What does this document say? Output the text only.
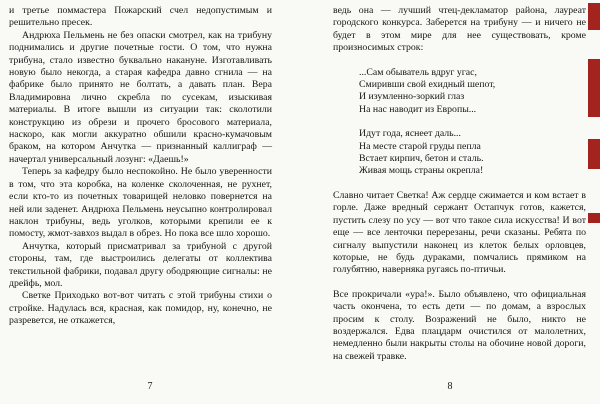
и третье поммастера Пожарский счел недопустимым и решительно пресек.

Андрюха Пельмень не без опаски смотрел, как на трибуну поднимались и другие почетные гости. О том, что нужна трибуна, стало известно буквально накануне. Изготавливать новую было некогда, а старая кафедра давно сгнила — на фабрике было принято не болтать, а давать план. Вера Владимировна лично скребла по сусекам, изыскивая материалы. В итоге вышли из ситуации так: сколотили конструкцию из обрези и прочего бросового материала, наскоро, как могли аккуратно обшили красно-кумачовым браком, на котором Анчутка — признанный каллиграф — начертал универсальный лозунг: «Даешь!»

Теперь за кафедру было неспокойно. Не было уверенности в том, что эта коробка, на коленке сколоченная, не рухнет, если кто-то из почетных товарищей неловко повернется на ней или заденет. Андрюха Пельмень неусыпно контролировал наклон трибуны, ведь уголков, которыми крепили ее к помосту, жмот-завхоз выдал в обрез. Но пока все шло хорошо.

Анчутка, который присматривал за трибуной с другой стороны, там, где выстроились делегаты от коллектива текстильной фабрики, подавал другу ободряющие сигналы: не дрейфь, мол.

Светке Приходько вот-вот читать с этой трибуны стихи о стройке. Надулась вся, красная, как помидор, ну, конечно, не разревется, не откажется,

7

ведь она — лучший чтец-декламатор района, лауреат городского конкурса. Заберется на трибуну — и ничего не будет в этом мире для нее существовать, кроме произносимых строк:

...Сам обыватель вдруг угас,
Смиривши свой ехидный шепот,
И изумленно-зоркий глаз
На нас наводит из Европы...
Идут года, яснеет даль...
На месте старой груды пепла
Встает кирпич, бетон и сталь.
Живая мощь страны окрепла!

Славно читает Светка! Аж сердце сжимается и ком встает в горле. Даже вредный сержант Остапчук готов, кажется, пустить слезу по усу — вот что такое сила искусства! И вот еще — все ленточки перерезаны, речи сказаны. Ребята по сигналу выпустили наконец из клеток белых орловцев, которые, не будь дураками, помчались прямиком на голубятню, наверняка ругаясь по-птичьи.

Все прокричали «ура!». Было объявлено, что официальная часть окончена, то есть дети — по домам, а взрослых просим к столу. Возражений не было, никто не воздержался. Едва плацдарм очистился от малолетних, немедленно были накрыты столы на обочине новой дороги, на свежей травке.

8
